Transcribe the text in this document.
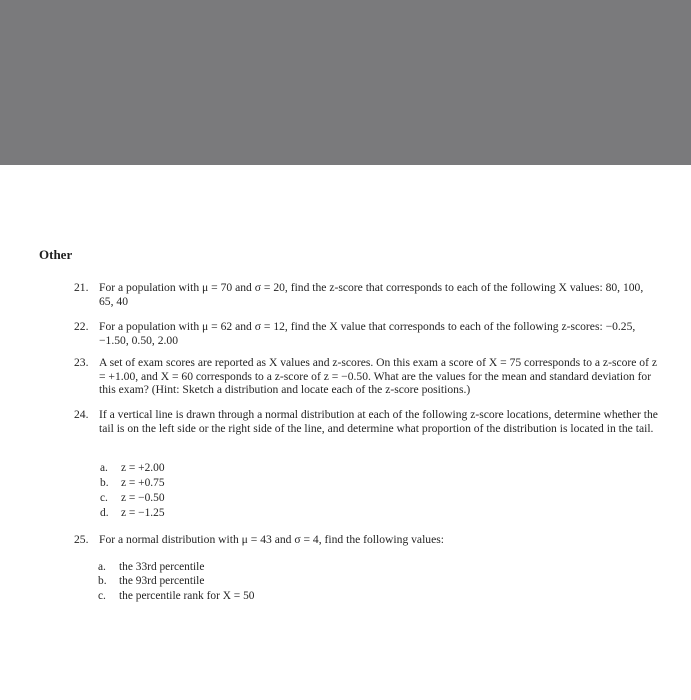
Other
21. For a population with μ = 70 and σ = 20, find the z-score that corresponds to each of the following X values: 80, 100, 65, 40
22. For a population with μ = 62 and σ = 12, find the X value that corresponds to each of the following z-scores: −0.25, −1.50, 0.50, 2.00
23. A set of exam scores are reported as X values and z-scores. On this exam a score of X = 75 corresponds to a z-score of z = +1.00, and X = 60 corresponds to a z-score of z = −0.50. What are the values for the mean and standard deviation for this exam? (Hint: Sketch a distribution and locate each of the z-score positions.)
24. If a vertical line is drawn through a normal distribution at each of the following z-score locations, determine whether the tail is on the left side or the right side of the line, and determine what proportion of the distribution is located in the tail.
a. z = +2.00
b. z = +0.75
c. z = −0.50
d. z = −1.25
25. For a normal distribution with μ = 43 and σ = 4, find the following values:
a. the 33rd percentile
b. the 93rd percentile
c. the percentile rank for X = 50
